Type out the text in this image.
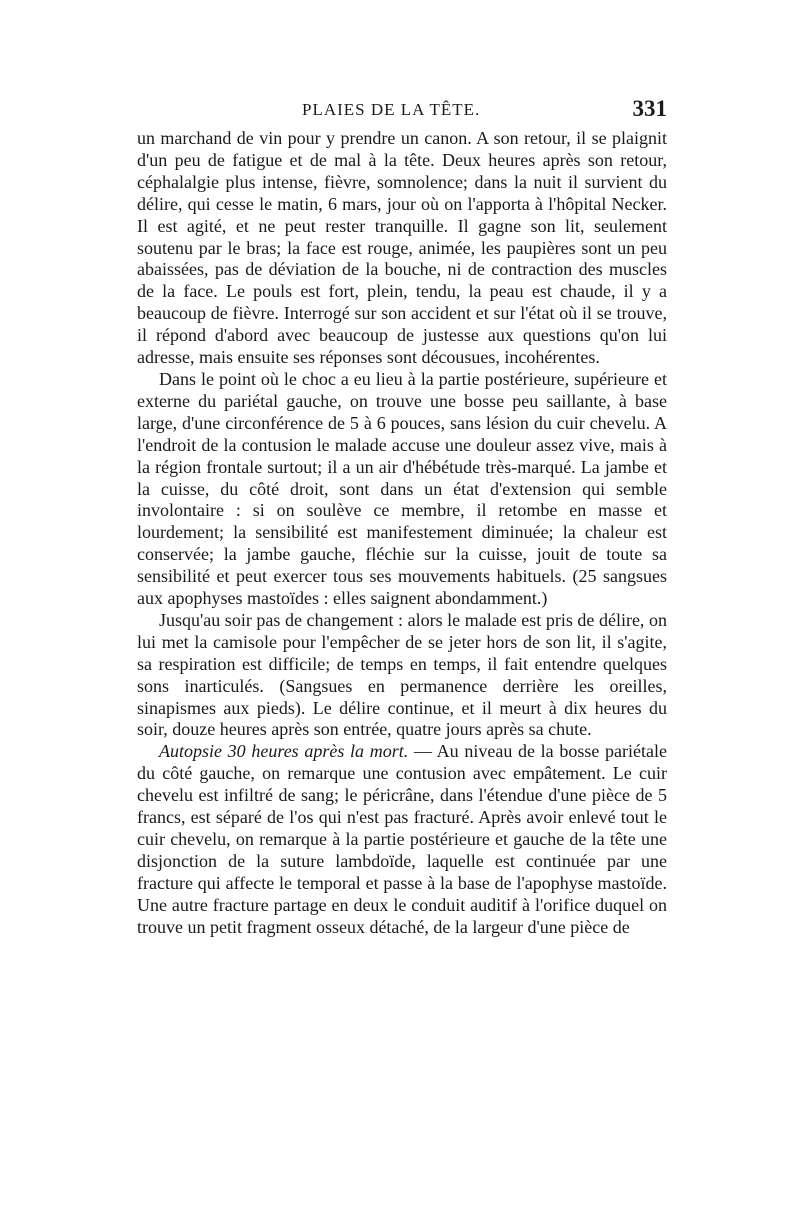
PLAIES DE LA TÊTE.	331

un marchand de vin pour y prendre un canon. A son retour, il se plaignit d'un peu de fatigue et de mal à la tête. Deux heures après son retour, céphalalgie plus intense, fièvre, somnolence; dans la nuit il survient du délire, qui cesse le matin, 6 mars, jour où on l'apporta à l'hôpital Necker. Il est agité, et ne peut rester tranquille. Il gagne son lit, seulement soutenu par le bras; la face est rouge, animée, les paupières sont un peu abaissées, pas de déviation de la bouche, ni de contraction des muscles de la face. Le pouls est fort, plein, tendu, la peau est chaude, il y a beaucoup de fièvre. Interrogé sur son accident et sur l'état où il se trouve, il répond d'abord avec beaucoup de justesse aux questions qu'on lui adresse, mais ensuite ses réponses sont décousues, incohérentes.

Dans le point où le choc a eu lieu à la partie postérieure, supérieure et externe du pariétal gauche, on trouve une bosse peu saillante, à base large, d'une circonférence de 5 à 6 pouces, sans lésion du cuir chevelu. A l'endroit de la contusion le malade accuse une douleur assez vive, mais à la région frontale surtout; il a un air d'hébétude très-marqué. La jambe et la cuisse, du côté droit, sont dans un état d'extension qui semble involontaire : si on soulève ce membre, il retombe en masse et lourdement; la sensibilité est manifestement diminuée; la chaleur est conservée; la jambe gauche, fléchie sur la cuisse, jouit de toute sa sensibilité et peut exercer tous ses mouvements habituels. (25 sangsues aux apophyses mastoïdes : elles saignent abondamment.)

Jusqu'au soir pas de changement : alors le malade est pris de délire, on lui met la camisole pour l'empêcher de se jeter hors de son lit, il s'agite, sa respiration est difficile; de temps en temps, il fait entendre quelques sons inarticulés. (Sangsues en permanence derrière les oreilles, sinapismes aux pieds). Le délire continue, et il meurt à dix heures du soir, douze heures après son entrée, quatre jours après sa chute.

Autopsie 30 heures après la mort. — Au niveau de la bosse pariétale du côté gauche, on remarque une contusion avec empâtement. Le cuir chevelu est infiltré de sang; le péricrâne, dans l'étendue d'une pièce de 5 francs, est séparé de l'os qui n'est pas fracturé. Après avoir enlevé tout le cuir chevelu, on remarque à la partie postérieure et gauche de la tête une disjonction de la suture lambdoïde, laquelle est continuée par une fracture qui affecte le temporal et passe à la base de l'apophyse mastoïde. Une autre fracture partage en deux le conduit auditif à l'orifice duquel on trouve un petit fragment osseux détaché, de la largeur d'une pièce de
